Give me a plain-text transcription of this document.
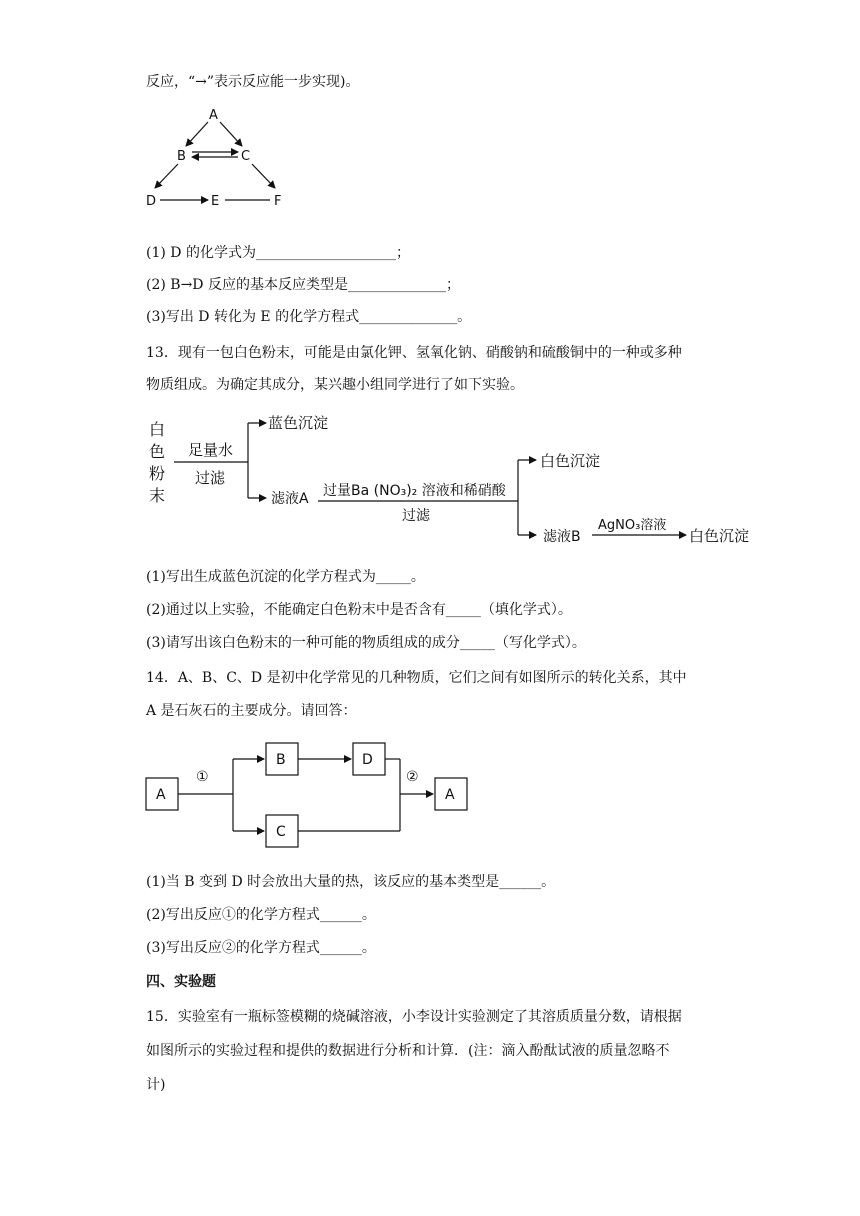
反应，“→”表示反应能一步实现)。
A
B	C
D	E	F
(1) D 的化学式为____________________；
(2) B→D 反应的基本反应类型是______________；
(3)写出 D 转化为 E 的化学方程式______________。
13．现有一包白色粉末，可能是由氯化钾、氢氧化钠、硝酸钠和硫酸铜中的一种或多种
物质组成。为确定其成分，某兴趣小组同学进行了如下实验。
白
色
粉
末
足量水
过滤
蓝色沉淀
滤液A 过量Ba (NO₃)₂ 溶液和稀硝酸
过滤
白色沉淀
滤液B
AgNO₃溶液
白色沉淀
(1)写出生成蓝色沉淀的化学方程式为_____。
(2)通过以上实验，不能确定白色粉末中是否含有_____（填化学式）。
(3)请写出该白色粉末的一种可能的物质组成的成分_____（写化学式）。
14．A、B、C、D 是初中化学常见的几种物质，它们之间有如图所示的转化关系，其中
A 是石灰石的主要成分。请回答：
A
①
B	D
C
②
A
(1)当 B 变到 D 时会放出大量的热，该反应的基本类型是______。
(2)写出反应①的化学方程式______。
(3)写出反应②的化学方程式______。
四、实验题
15．实验室有一瓶标签模糊的烧碱溶液，小李设计实验测定了其溶质质量分数，请根据
如图所示的实验过程和提供的数据进行分析和计算．(注：滴入酚酞试液的质量忽略不
计)
